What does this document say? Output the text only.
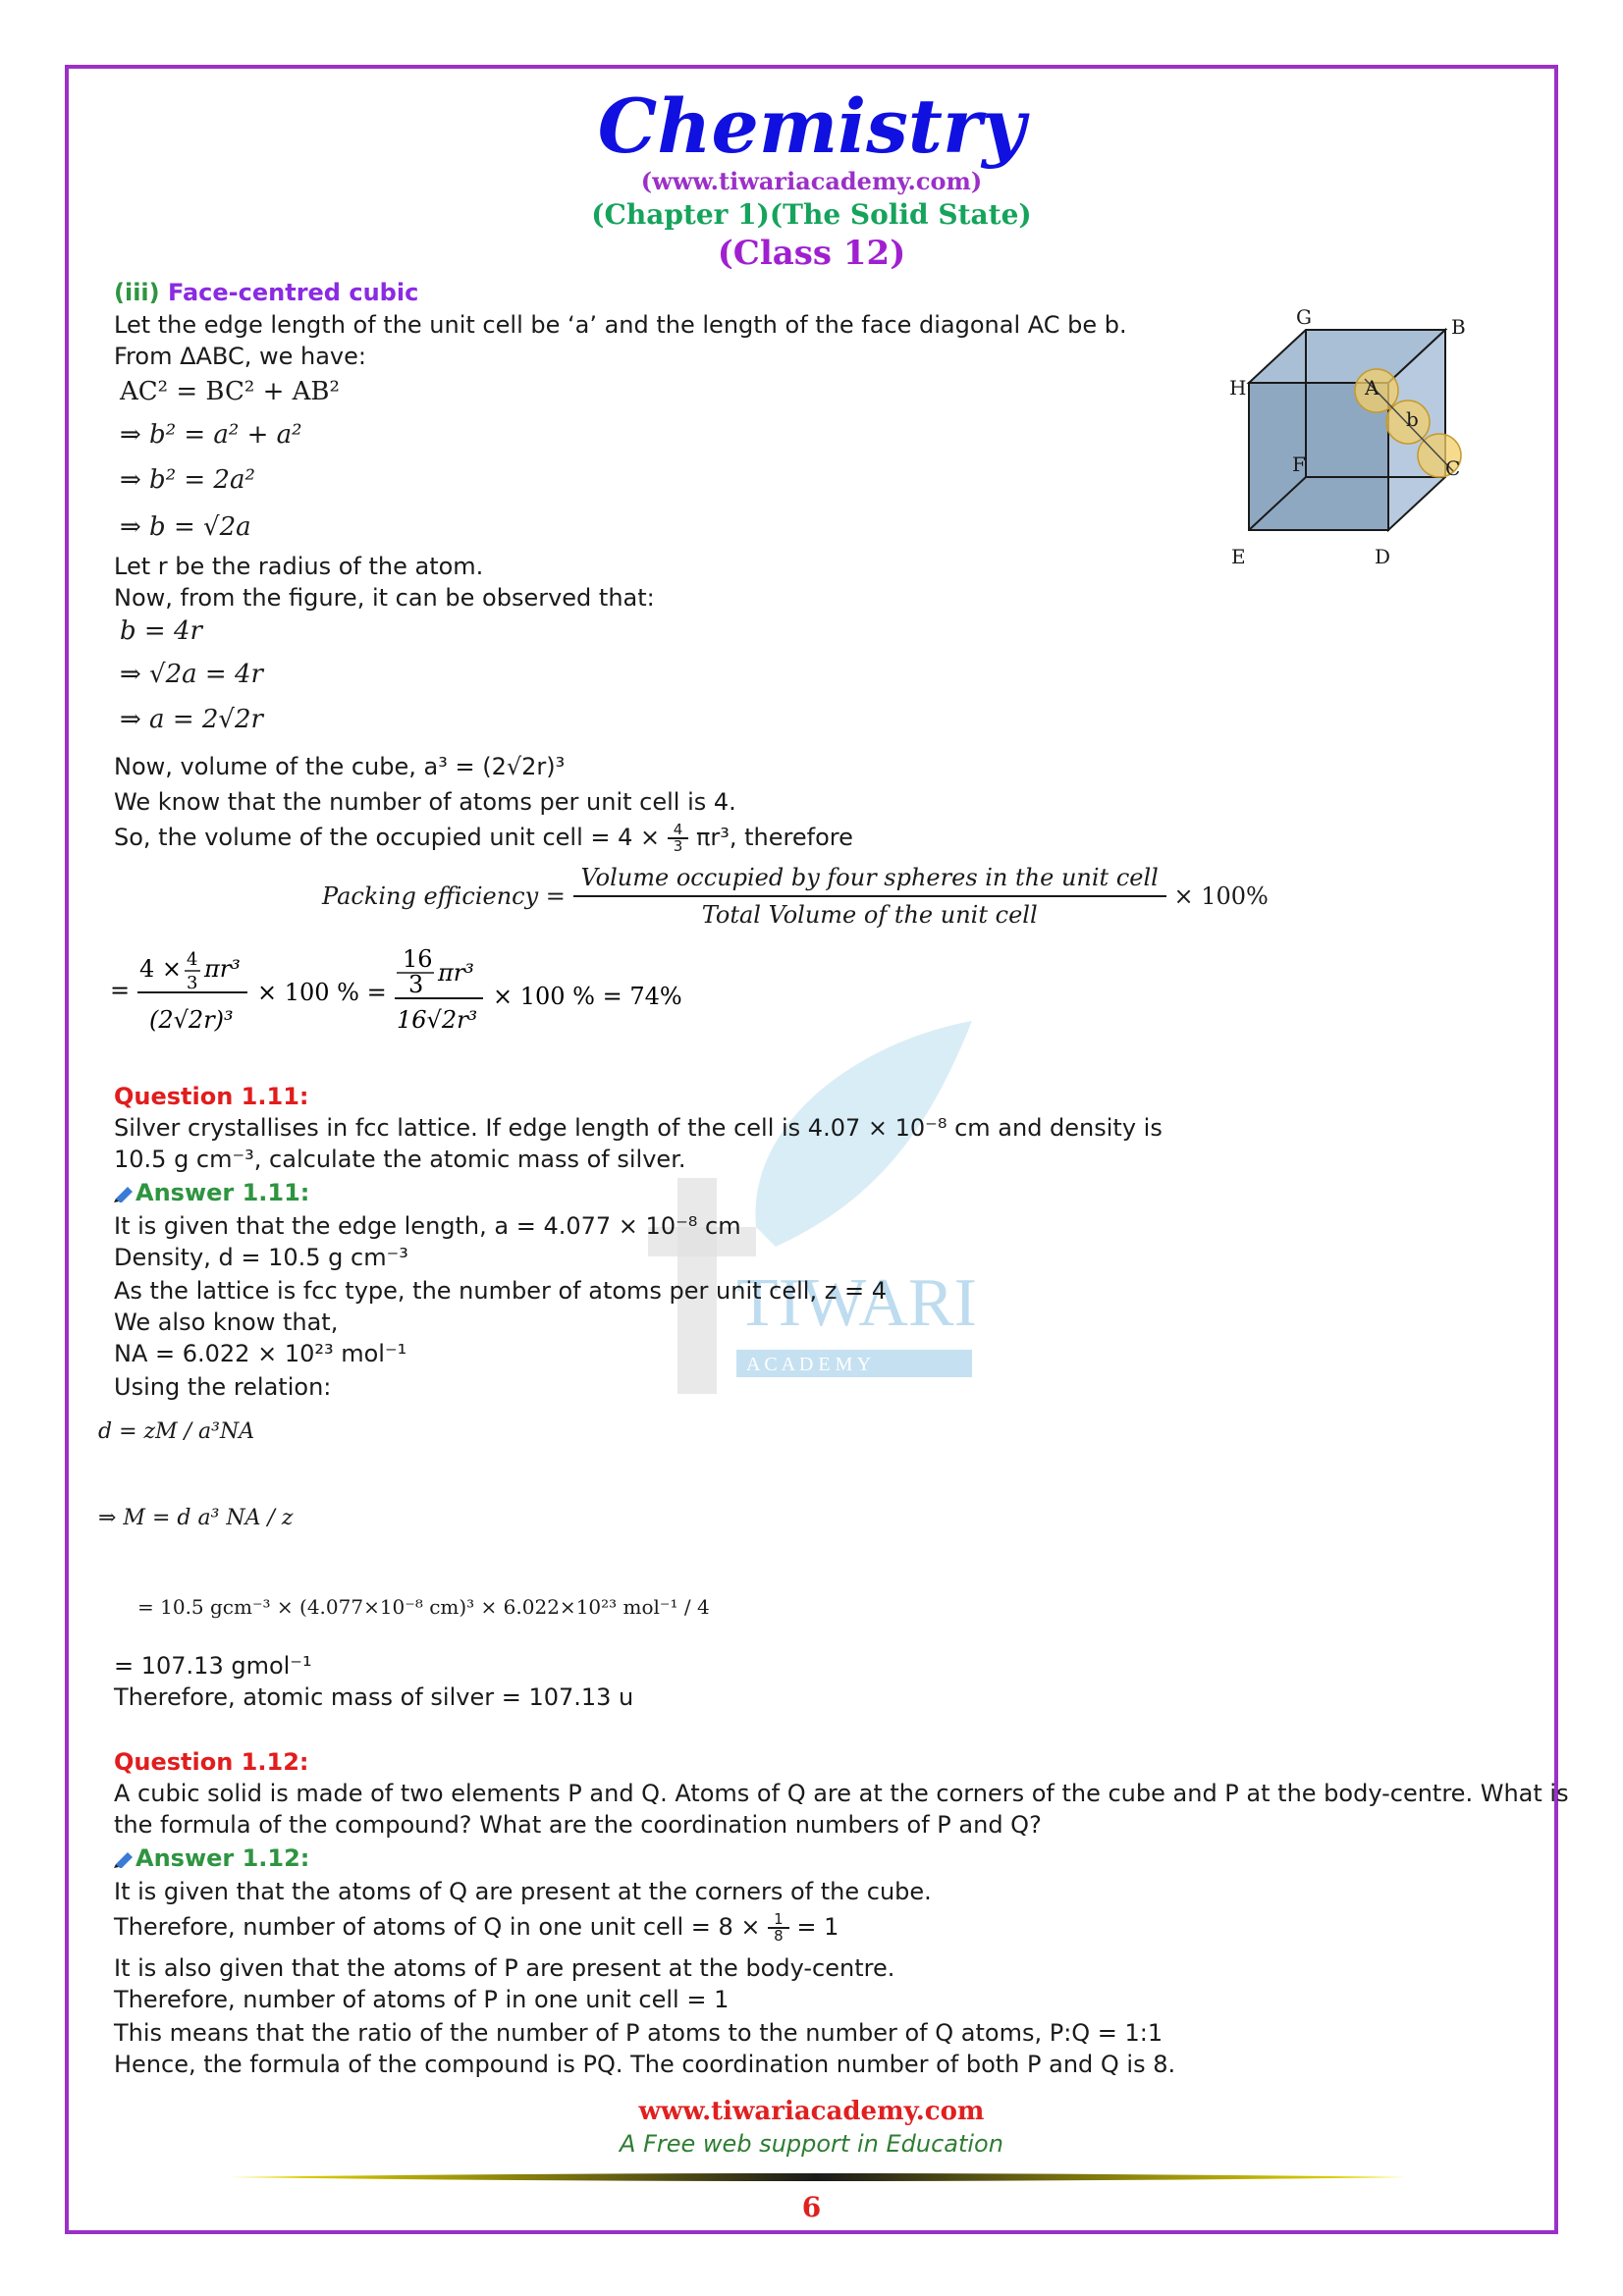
TIWARI
A C A D E M Y
Chemistry
(www.tiwariacademy.com)
(Chapter 1)(The Solid State)
(Class 12)
(iii) Face-centred cubic
Let the edge length of the unit cell be ‘a’ and the length of the face diagonal AC be b.
From ΔABC, we have:
AC² = BC² + AB²
⇒ b² = a² + a²
⇒ b² = 2a²
⇒ b = √2a
Let r be the radius of the atom.
Now, from the figure, it can be observed that:
b = 4r
⇒ √2a = 4r
⇒ a = 2√2r
Now, volume of the cube, a³ = (2√2r)³
We know that the number of atoms per unit cell is 4.
So, the volume of the occupied unit cell = $4 \times \frac{4}{3} \pi r^3$, therefore
Packing efficiency = $\frac{\text{Volume occupied by four spheres in the unit cell}}{\text{Total Volume of the unit cell}} \times 100\%$
=
4 × 4
3
πr³
(2√2r)³
× 100 % =
16
3 πr³
16√2r³
× 100 % = 74%
G	B
H	A
b
F	C
E	D
Question 1.11:
Silver crystallises in fcc lattice. If edge length of the cell is 4.07 × 10⁻⁸ cm and density is
10.5 g cm⁻³, calculate the atomic mass of silver.
Answer 1.11:
It is given that the edge length, a = 4.077 × 10⁻⁸ cm
Density, d = 10.5 g cm⁻³
As the lattice is fcc type, the number of atoms per unit cell, z = 4
We also know that,
NA = 6.022 × 10²³ mol⁻¹
Using the relation:
d = zM / a³NA
⇒ M = d a³ NA / z
= 10.5 gcm⁻³ × (4.077×10⁻⁸ cm)³ × 6.022×10²³ mol⁻¹ / 4
= 107.13 gmol⁻¹
Therefore, atomic mass of silver = 107.13 u
Question 1.12:
A cubic solid is made of two elements P and Q. Atoms of Q are at the corners of the cube and P at the body-centre. What is
the formula of the compound? What are the coordination numbers of P and Q?
Answer 1.12:
It is given that the atoms of Q are present at the corners of the cube.
Therefore, number of atoms of Q in one unit cell = $8 \times \frac{1}{8} = 1$
It is also given that the atoms of P are present at the body-centre.
Therefore, number of atoms of P in one unit cell = 1
This means that the ratio of the number of P atoms to the number of Q atoms, P:Q = 1:1
Hence, the formula of the compound is PQ. The coordination number of both P and Q is 8.
www.tiwariacademy.com
A Free web support in Education
6
